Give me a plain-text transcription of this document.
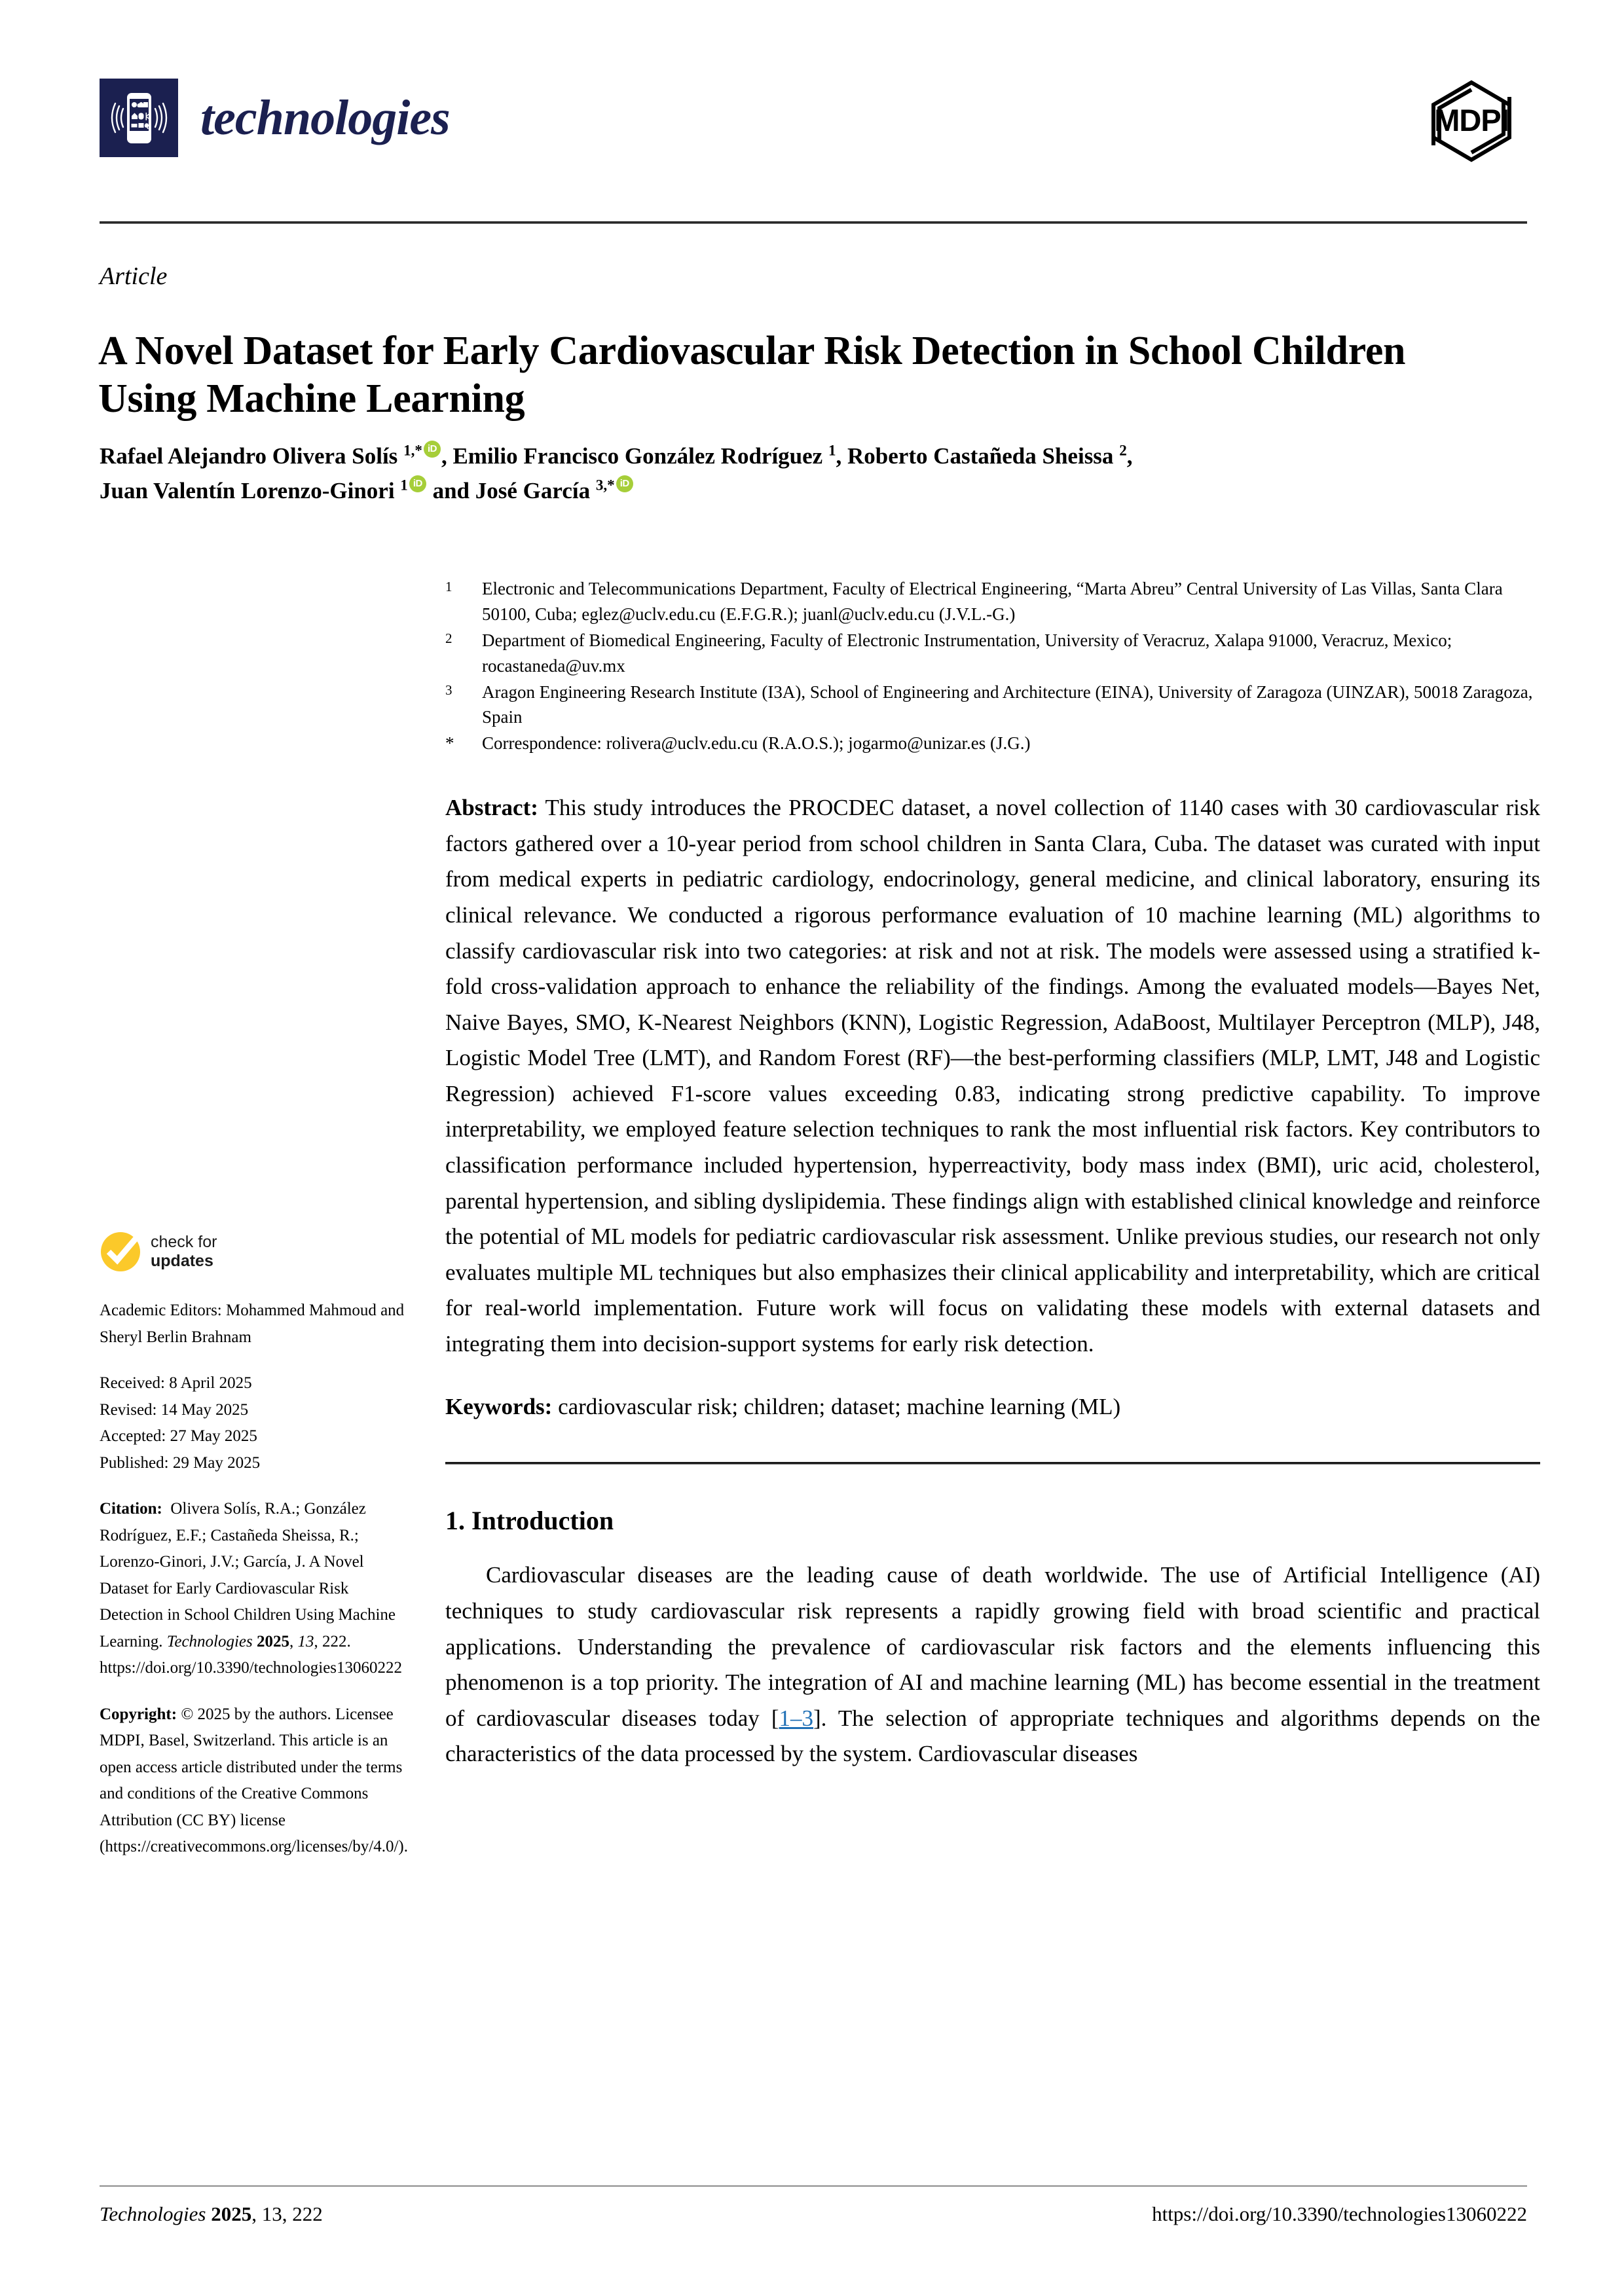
technologies	MDPI
Article
A Novel Dataset for Early Cardiovascular Risk Detection in School Children Using Machine Learning
Rafael Alejandro Olivera Solís $^{1,*}$ iD , Emilio Francisco González Rodríguez $^1$, Roberto Castañeda Sheissa $^2$,
Juan Valentín Lorenzo-Ginori $^1$iD and José García $^{3,*}$iD
1	Electronic and Telecommunications Department, Faculty of Electrical Engineering, “Marta Abreu” Central University of Las Villas, Santa Clara 50100, Cuba; eglez@uclv.edu.cu (E.F.G.R.); juanl@uclv.edu.cu (J.V.L.-G.)
2	Department of Biomedical Engineering, Faculty of Electronic Instrumentation, University of Veracruz, Xalapa 91000, Veracruz, Mexico; rocastaneda@uv.mx
3	Aragon Engineering Research Institute (I3A), School of Engineering and Architecture (EINA), University of Zaragoza (UINZAR), 50018 Zaragoza, Spain
*	Correspondence: rolivera@uclv.edu.cu (R.A.O.S.); jogarmo@unizar.es (J.G.)
Abstract: This study introduces the PROCDEC dataset, a novel collection of 1140 cases with 30 cardiovascular risk factors gathered over a 10-year period from school children in Santa Clara, Cuba. The dataset was curated with input from medical experts in pediatric cardiology, endocrinology, general medicine, and clinical laboratory, ensuring its clinical relevance. We conducted a rigorous performance evaluation of 10 machine learning (ML) algorithms to classify cardiovascular risk into two categories: at risk and not at risk. The models were assessed using a stratified k-fold cross-validation approach to enhance the reliability of the findings. Among the evaluated models—Bayes Net, Naive Bayes, SMO, K-Nearest Neighbors (KNN), Logistic Regression, AdaBoost, Multilayer Perceptron (MLP), J48, Logistic Model Tree (LMT), and Random Forest (RF)—the best-performing classifiers (MLP, LMT, J48 and Logistic Regression) achieved F1-score values exceeding 0.83, indicating strong predictive capability. To improve interpretability, we employed feature selection techniques to rank the most influential risk factors. Key contributors to classification performance included hypertension, hyperreactivity, body mass index (BMI), uric acid, cholesterol, parental hypertension, and sibling dyslipidemia. These findings align with established clinical knowledge and reinforce the potential of ML models for pediatric cardiovascular risk assessment. Unlike previous studies, our research not only evaluates multiple ML techniques but also emphasizes their clinical applicability and interpretability, which are critical for real-world implementation. Future work will focus on validating these models with external datasets and integrating them into decision-support systems for early risk detection.
Keywords: cardiovascular risk; children; dataset; machine learning (ML)
1. Introduction

Cardiovascular diseases are the leading cause of death worldwide. The use of Artificial Intelligence (AI) techniques to study cardiovascular risk represents a rapidly growing field with broad scientific and practical applications. Understanding the prevalence of cardiovascular risk factors and the elements influencing this phenomenon is a top priority. The integration of AI and machine learning (ML) has become essential in the treatment of cardiovascular diseases today [1–3]. The selection of appropriate techniques and algorithms depends on the characteristics of the data processed by the system. Cardiovascular diseases

check for
updates

Academic Editors: Mohammed Mahmoud and Sheryl Berlin Brahnam

Received: 8 April 2025

Revised: 14 May 2025

Accepted: 27 May 2025

Published: 29 May 2025

Citation: Olivera Solís, R.A.; González Rodríguez, E.F.; Castañeda Sheissa, R.; Lorenzo-Ginori, J.V.; García, J. A Novel Dataset for Early Cardiovascular Risk Detection in School Children Using Machine Learning. Technologies 2025, 13, 222. https://doi.org/10.3390/technologies13060222

Copyright: © 2025 by the authors. Licensee MDPI, Basel, Switzerland. This article is an open access article distributed under the terms and conditions of the Creative Commons Attribution (CC BY) license (https://creativecommons.org/licenses/by/4.0/).

Technologies 2025, 13, 222	https://doi.org/10.3390/technologies13060222
